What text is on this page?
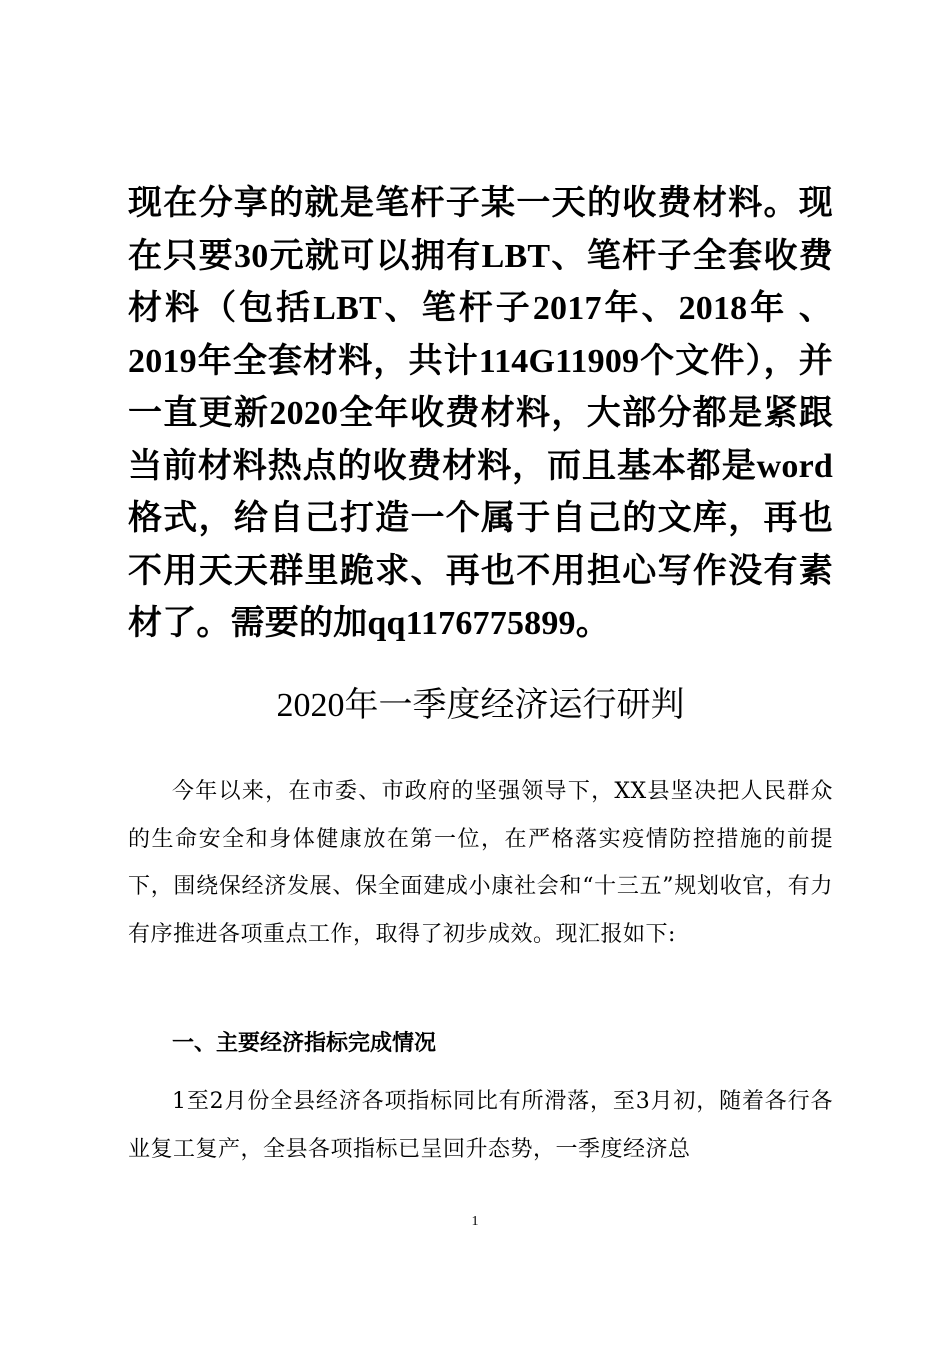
现在分享的就是笔杆子某一天的收费材料。现在只要30元就可以拥有LBT、笔杆子全套收费材料（包括LBT、笔杆子2017年、2018年 、2019年全套材料，共计114G11909个文件），并一直更新2020全年收费材料，大部分都是紧跟当前材料热点的收费材料，而且基本都是word格式，给自己打造一个属于自己的文库，再也不用天天群里跪求、再也不用担心写作没有素材了。需要的加qq1176775899。
2020年一季度经济运行研判
今年以来，在市委、市政府的坚强领导下，XX县坚决把人民群众的生命安全和身体健康放在第一位，在严格落实疫情防控措施的前提下，围绕保经济发展、保全面建成小康社会和“十三五”规划收官，有力有序推进各项重点工作，取得了初步成效。现汇报如下:
一、主要经济指标完成情况
1至2月份全县经济各项指标同比有所滑落，至3月初，随着各行各业复工复产，全县各项指标已呈回升态势，一季度经济总
1
